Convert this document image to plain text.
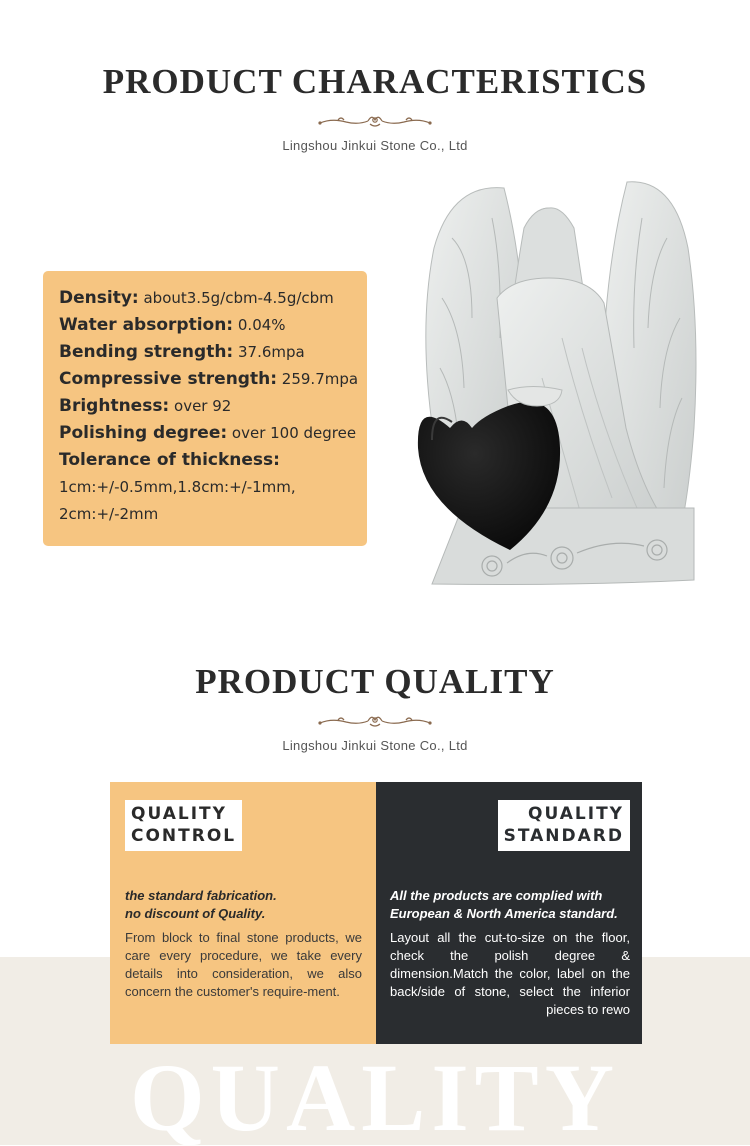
PRODUCT CHARACTERISTICS
Lingshou Jinkui Stone Co., Ltd
Density: about3.5g/cbm-4.5g/cbm
Water absorption: 0.04%
Bending strength: 37.6mpa
Compressive strength: 259.7mpa
Brightness: over 92
Polishing degree: over 100 degree
Tolerance of thickness:
1cm:+/-0.5mm,1.8cm:+/-1mm,
2cm:+/-2mm
PRODUCT QUALITY
Lingshou Jinkui Stone Co., Ltd
QUALITY
QUALITY
CONTROL
the standard fabrication.
no discount of Quality.
From block to final stone products, we care every procedure, we take every details into consideration, we also concern the customer's require-ment.
QUALITY
STANDARD
All the products are complied with European & North America standard.
Layout all the cut-to-size on the floor, check the polish degree & dimension.Match the color, label on the back/side of stone, select the inferior pieces to rewo
